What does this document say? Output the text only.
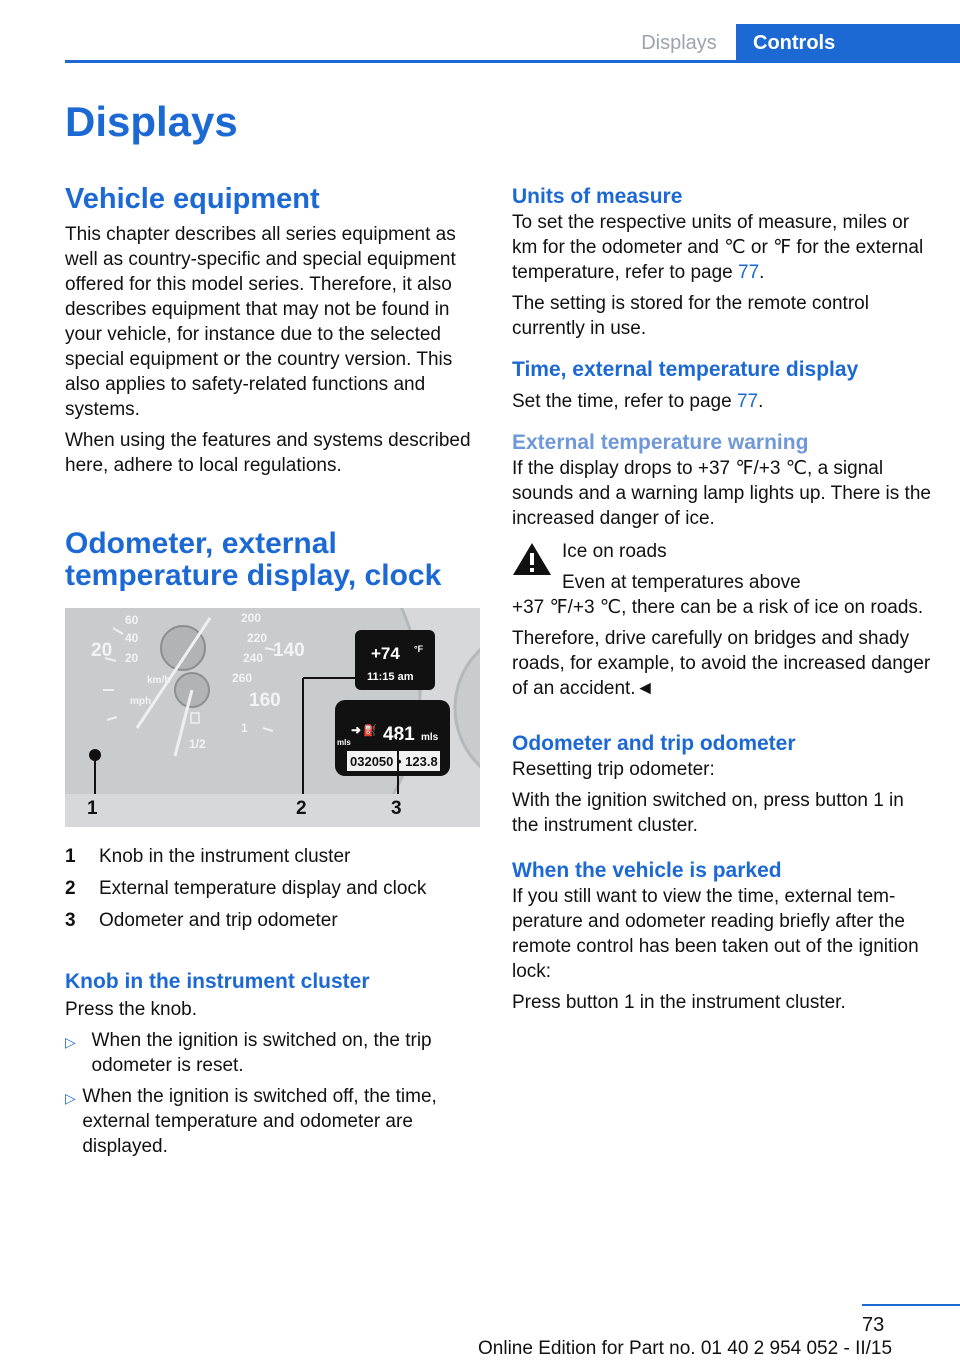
Displays	Controls
Displays
Vehicle equipment

This chapter describes all series equipment as well as country-specific and special equipment offered for this model series. Therefore, it also describes equipment that may not be found in your vehicle, for instance due to the selected special equipment or the country version. This also applies to safety-related functions and systems.

When using the features and systems described here, adhere to local regulations.

Odometer, external temperature display, clock
60
40
20
20
km/h
mph
200
220
240
260
140
160
1/2
1
+74 °F
11:15 am
➜ ⛽
mls 481 mls
032050 • 123.8
1	2	3
1	Knob in the instrument cluster
2	External temperature display and clock
3	Odometer and trip odometer
Knob in the instrument cluster

Press the knob.

▷ When the ignition is switched on, the trip odometer is reset.
▷ When the ignition is switched off, the time, external temperature and odometer are displayed.
Units of measure

To set the respective units of measure, miles or km for the odometer and ℃ or ℉ for the external temperature, refer to page 77.

The setting is stored for the remote control currently in use.

Time, external temperature display

Set the time, refer to page 77.

External temperature warning

If the display drops to +37 ℉/+3 ℃, a signal sounds and a warning lamp lights up. There is the increased danger of ice.

Ice on roads

Even at temperatures above

+37 ℉/+3 ℃, there can be a risk of ice on roads.

Therefore, drive carefully on bridges and shady roads, for example, to avoid the increased danger of an accident.◄

Odometer and trip odometer

Resetting trip odometer:

With the ignition switched on, press button 1 in the instrument cluster.

When the vehicle is parked

If you still want to view the time, external temperature and odometer reading briefly after the remote control has been taken out of the ignition lock:

Press button 1 in the instrument cluster.

73
Online Edition for Part no. 01 40 2 954 052 - II/15
